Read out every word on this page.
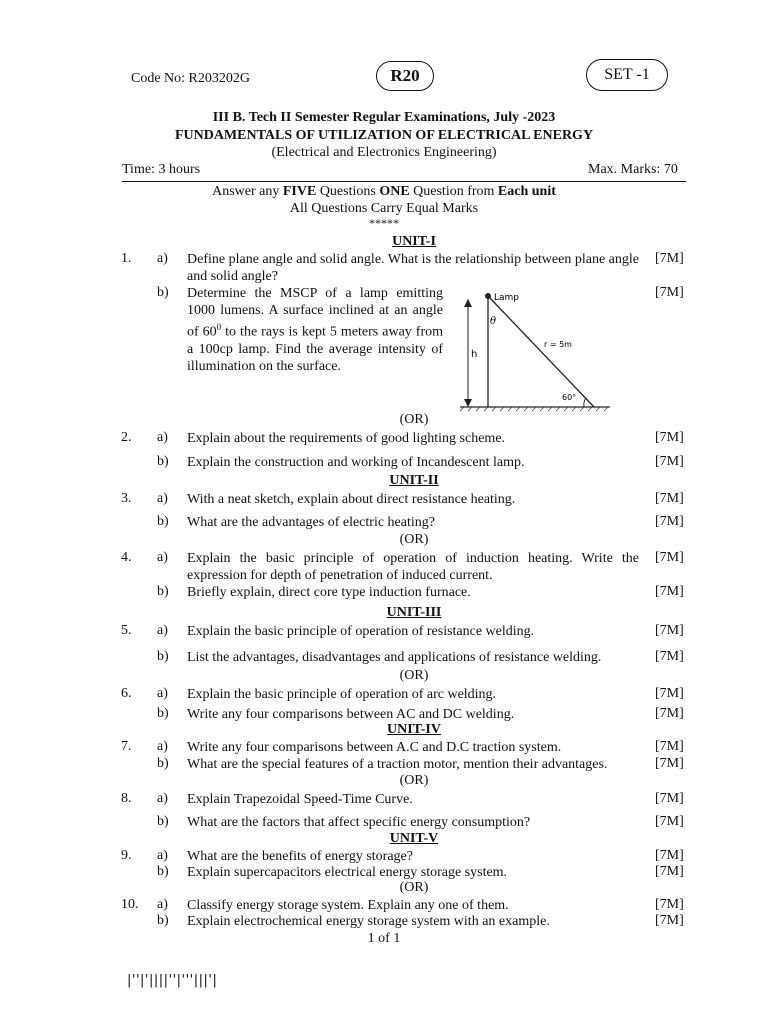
Code No: R203202G	R20	SET -1
III B. Tech II Semester Regular Examinations, July -2023
FUNDAMENTALS OF UTILIZATION OF ELECTRICAL ENERGY
(Electrical and Electronics Engineering)
Time: 3 hours	Max. Marks: 70
Answer any FIVE Questions ONE Question from Each unit
All Questions Carry Equal Marks
*****
UNIT-I
1. a) Define plane angle and solid angle. What is the relationship between plane angle and solid angle?
[7M]
b) Determine the MSCP of a lamp emitting 1000 lumens. A surface inclined at an angle of $60^0$ to the rays is kept 5 meters away from a 100cp lamp. Find the average intensity of illumination on the surface.
[7M]
Lamp
θ
h
r = 5m
60°
(OR)
2. a) Explain about the requirements of good lighting scheme.	[7M]
b) Explain the construction and working of Incandescent lamp.	[7M]
UNIT-II
3. a) With a neat sketch, explain about direct resistance heating.	[7M]
b) What are the advantages of electric heating?	[7M]
(OR)
4. a) Explain the basic principle of operation of induction heating. Write the expression for depth of penetration of induced current.
[7M]
b) Briefly explain, direct core type induction furnace.	[7M]
UNIT-III
5. a) Explain the basic principle of operation of resistance welding.	[7M]
b) List the advantages, disadvantages and applications of resistance welding.	[7M]
(OR)
6. a) Explain the basic principle of operation of arc welding.	[7M]
b) Write any four comparisons between AC and DC welding.	[7M]
UNIT-IV
7. a) Write any four comparisons between A.C and D.C traction system.	[7M]
b) What are the special features of a traction motor, mention their advantages.	[7M]
(OR)
8. a) Explain Trapezoidal Speed-Time Curve.	[7M]
b) What are the factors that affect specific energy consumption?	[7M]
UNIT-V
9. a) What are the benefits of energy storage?	[7M]
b) Explain supercapacitors electrical energy storage system.	[7M]
(OR)
10. a) Classify energy storage system. Explain any one of them.	[7M]
b) Explain electrochemical energy storage system with an example.	[7M]
1 of 1
|''|'||||''|'''|||'|
